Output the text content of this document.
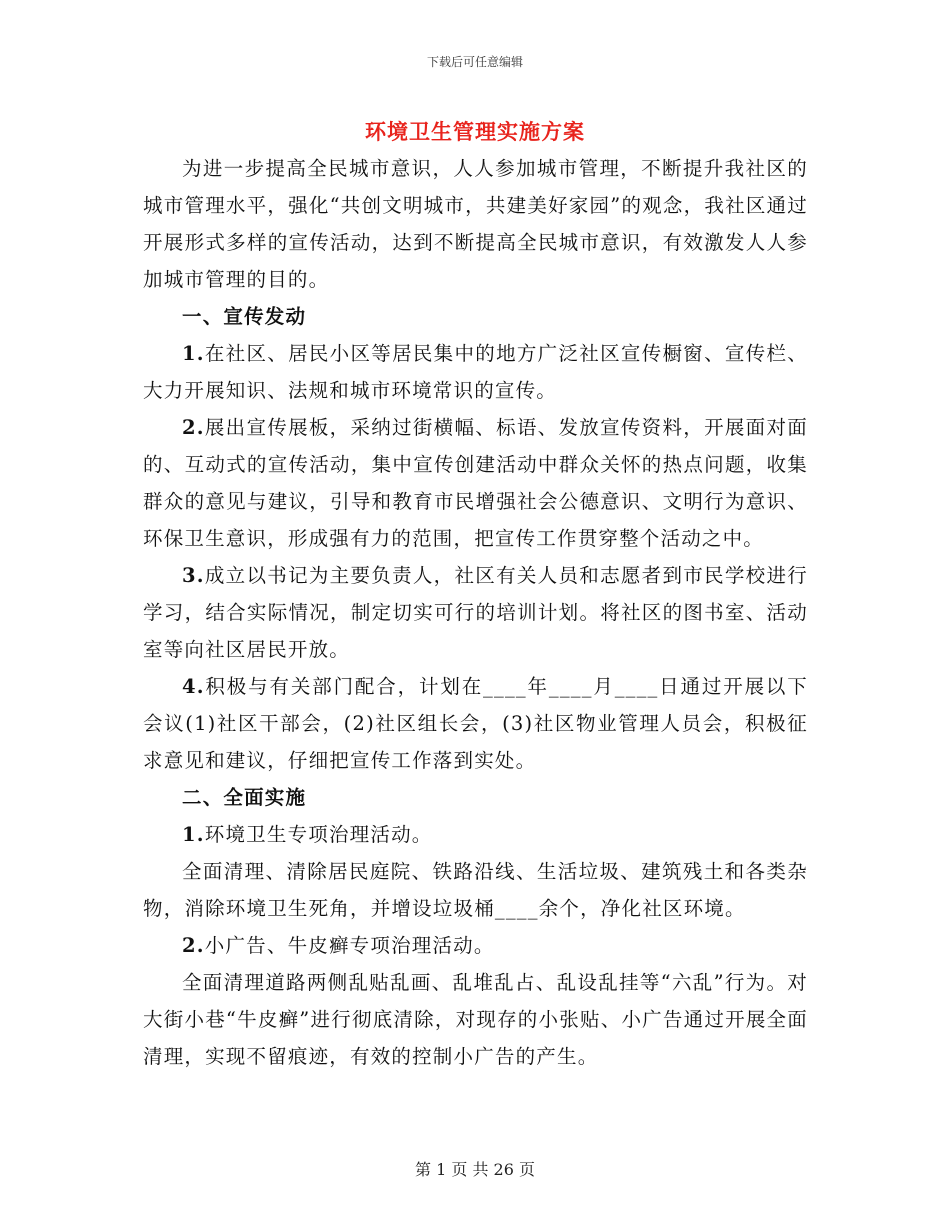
下载后可任意编辑
环境卫生管理实施方案

为进一步提高全民城市意识，人人参加城市管理，不断提升我社区的城市管理水平，强化“共创文明城市，共建美好家园”的观念，我社区通过开展形式多样的宣传活动，达到不断提高全民城市意识，有效激发人人参加城市管理的目的。

一、宣传发动

1.在社区、居民小区等居民集中的地方广泛社区宣传橱窗、宣传栏、大力开展知识、法规和城市环境常识的宣传。

2.展出宣传展板，采纳过街横幅、标语、发放宣传资料，开展面对面的、互动式的宣传活动，集中宣传创建活动中群众关怀的热点问题，收集群众的意见与建议，引导和教育市民增强社会公德意识、文明行为意识、环保卫生意识，形成强有力的范围，把宣传工作贯穿整个活动之中。

3.成立以书记为主要负责人，社区有关人员和志愿者到市民学校进行学习，结合实际情况，制定切实可行的培训计划。将社区的图书室、活动室等向社区居民开放。

4.积极与有关部门配合，计划在____年____月____日通过开展以下会议(1)社区干部会，(2)社区组长会，(3)社区物业管理人员会，积极征求意见和建议，仔细把宣传工作落到实处。

二、全面实施

1.环境卫生专项治理活动。

全面清理、清除居民庭院、铁路沿线、生活垃圾、建筑残土和各类杂物，消除环境卫生死角，并增设垃圾桶____余个，净化社区环境。

2.小广告、牛皮癣专项治理活动。

全面清理道路两侧乱贴乱画、乱堆乱占、乱设乱挂等“六乱”行为。对大街小巷“牛皮癣”进行彻底清除，对现存的小张贴、小广告通过开展全面清理，实现不留痕迹，有效的控制小广告的产生。

第 1 页 共 26 页
